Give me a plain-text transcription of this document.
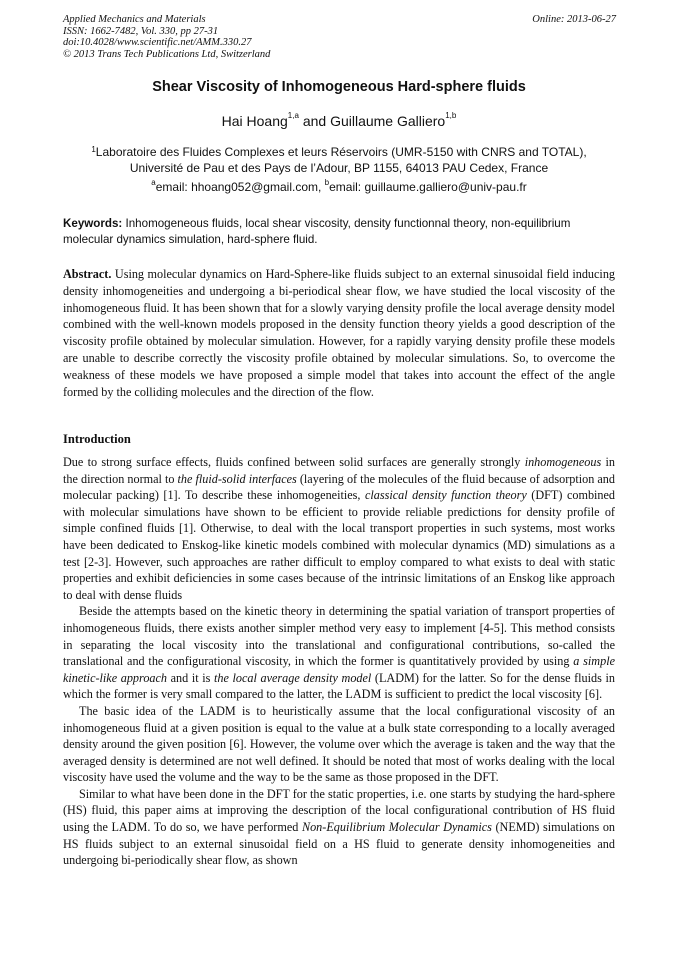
Applied Mechanics and Materials
ISSN: 1662-7482, Vol. 330, pp 27-31
doi:10.4028/www.scientific.net/AMM.330.27
© 2013 Trans Tech Publications Ltd, Switzerland
Online: 2013-06-27
Shear Viscosity of Inhomogeneous Hard-sphere fluids
Hai Hoang$^{1,a}$ and Guillaume Galliero$^{1,b}$
$^1$Laboratoire des Fluides Complexes et leurs Réservoirs (UMR-5150 with CNRS and TOTAL),
Université de Pau et des Pays de l’Adour, BP 1155, 64013 PAU Cedex, France
$^a$email: hhoang052@gmail.com, $^b$email: guillaume.galliero@univ-pau.fr
Keywords: Inhomogeneous fluids, local shear viscosity, density functionnal theory, non-equilibrium molecular dynamics simulation, hard-sphere fluid.
Abstract. Using molecular dynamics on Hard-Sphere-like fluids subject to an external sinusoidal field inducing density inhomogeneities and undergoing a bi-periodical shear flow, we have studied the local viscosity of the inhomogeneous fluid. It has been shown that for a slowly varying density profile the local average density model combined with the well-known models proposed in the density function theory yields a good description of the viscosity profile obtained by molecular simulation. However, for a rapidly varying density profile these models are unable to describe correctly the viscosity profile obtained by molecular simulations. So, to overcome the weakness of these models we have proposed a simple model that takes into account the effect of the angle formed by the colliding molecules and the direction of the flow.
Introduction

Due to strong surface effects, fluids confined between solid surfaces are generally strongly inhomogeneous in the direction normal to the fluid-solid interfaces (layering of the molecules of the fluid because of adsorption and molecular packing) [1]. To describe these inhomogeneities, classical density function theory (DFT) combined with molecular simulations have shown to be efficient to provide reliable predictions for density profile of simple confined fluids [1]. Otherwise, to deal with the local transport properties in such systems, most works have been dedicated to Enskog-like kinetic models combined with molecular dynamics (MD) simulations as a test [2-3]. However, such approaches are rather difficult to employ compared to what exists to deal with static properties and exhibit deficiencies in some cases because of the intrinsic limitations of an Enskog like approach to deal with dense fluids

Beside the attempts based on the kinetic theory in determining the spatial variation of transport properties of inhomogeneous fluids, there exists another simpler method very easy to implement [4-5]. This method consists in separating the local viscosity into the translational and configurational contributions, so-called the translational and the configurational viscosity, in which the former is quantitatively provided by using a simple kinetic-like approach and it is the local average density model (LADM) for the latter. So for the dense fluids in which the former is very small compared to the latter, the LADM is sufficient to predict the local viscosity [6].

The basic idea of the LADM is to heuristically assume that the local configurational viscosity of an inhomogeneous fluid at a given position is equal to the value at a bulk state corresponding to a locally averaged density around the given position [6]. However, the volume over which the average is taken and the way that the averaged density is determined are not well defined. It should be noted that most of works dealing with the local viscosity have used the volume and the way to be the same as those proposed in the DFT.

Similar to what have been done in the DFT for the static properties, i.e. one starts by studying the hard-sphere (HS) fluid, this paper aims at improving the description of the local configurational contribution of HS fluid using the LADM. To do so, we have performed Non-Equilibrium Molecular Dynamics (NEMD) simulations on HS fluids subject to an external sinusoidal field on a HS fluid to generate density inhomogeneities and undergoing bi-periodically shear flow, as shown
